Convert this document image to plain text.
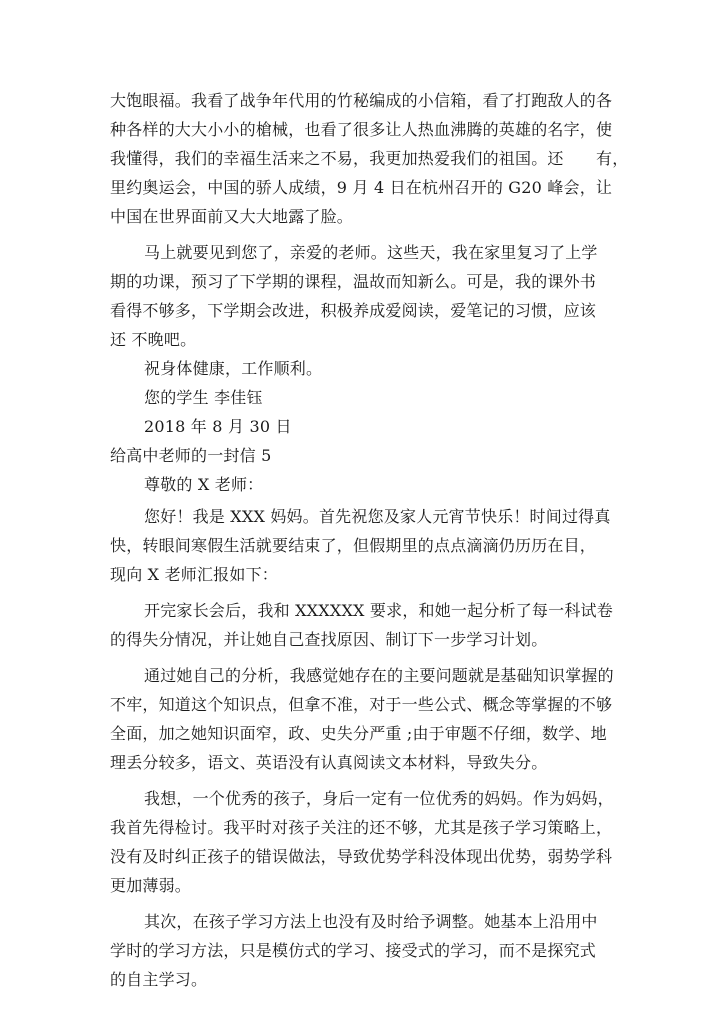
大饱眼福。我看了战争年代用的竹秘编成的小信箱，看了打跑敌人的各
种各样的大大小小的槍械，也看了很多让人热血沸腾的英雄的名字，使
我懂得，我们的幸福生活来之不易，我更加热爱我们的祖国。还　　有，
里约奥运会，中国的骄人成绩，9 月 4 日在杭州召开的 G20 峰会，让
中国在世界面前又大大地露了脸。
马上就要见到您了，亲爱的老师。这些天，我在家里复习了上学
期的功课，预习了下学期的课程，温故而知新么。可是，我的课外书
看得不够多，下学期会改进，积极养成爱阅读，爱笔记的习惯，应该
还 不晚吧。
祝身体健康，工作顺利。
您的学生 李佳钰
2018 年 8 月 30 日
给高中老师的一封信 5
尊敬的 X 老师：
您好！我是 XXX 妈妈。首先祝您及家人元宵节快乐！时间过得真
快，转眼间寒假生活就要结束了，但假期里的点点滴滴仍历历在目，
现向 X 老师汇报如下：
开完家长会后，我和 XXXXXX 要求，和她一起分析了每一科试卷
的得失分情况，并让她自己查找原因、制订下一步学习计划。
通过她自己的分析，我感觉她存在的主要问题就是基础知识掌握的
不牢，知道这个知识点，但拿不准，对于一些公式、概念等掌握的不够
全面，加之她知识面窄，政、史失分严重 ;由于审题不仔细，数学、地
理丢分较多，语文、英语没有认真阅读文本材料，导致失分。
我想，一个优秀的孩子，身后一定有一位优秀的妈妈。作为妈妈，
我首先得检讨。我平时对孩子关注的还不够，尤其是孩子学习策略上，
没有及时纠正孩子的错误做法，导致优势学科没体现出优势，弱势学科
更加薄弱。
其次，在孩子学习方法上也没有及时给予调整。她基本上沿用中
学时的学习方法，只是模仿式的学习、接受式的学习，而不是探究式
的自主学习。
